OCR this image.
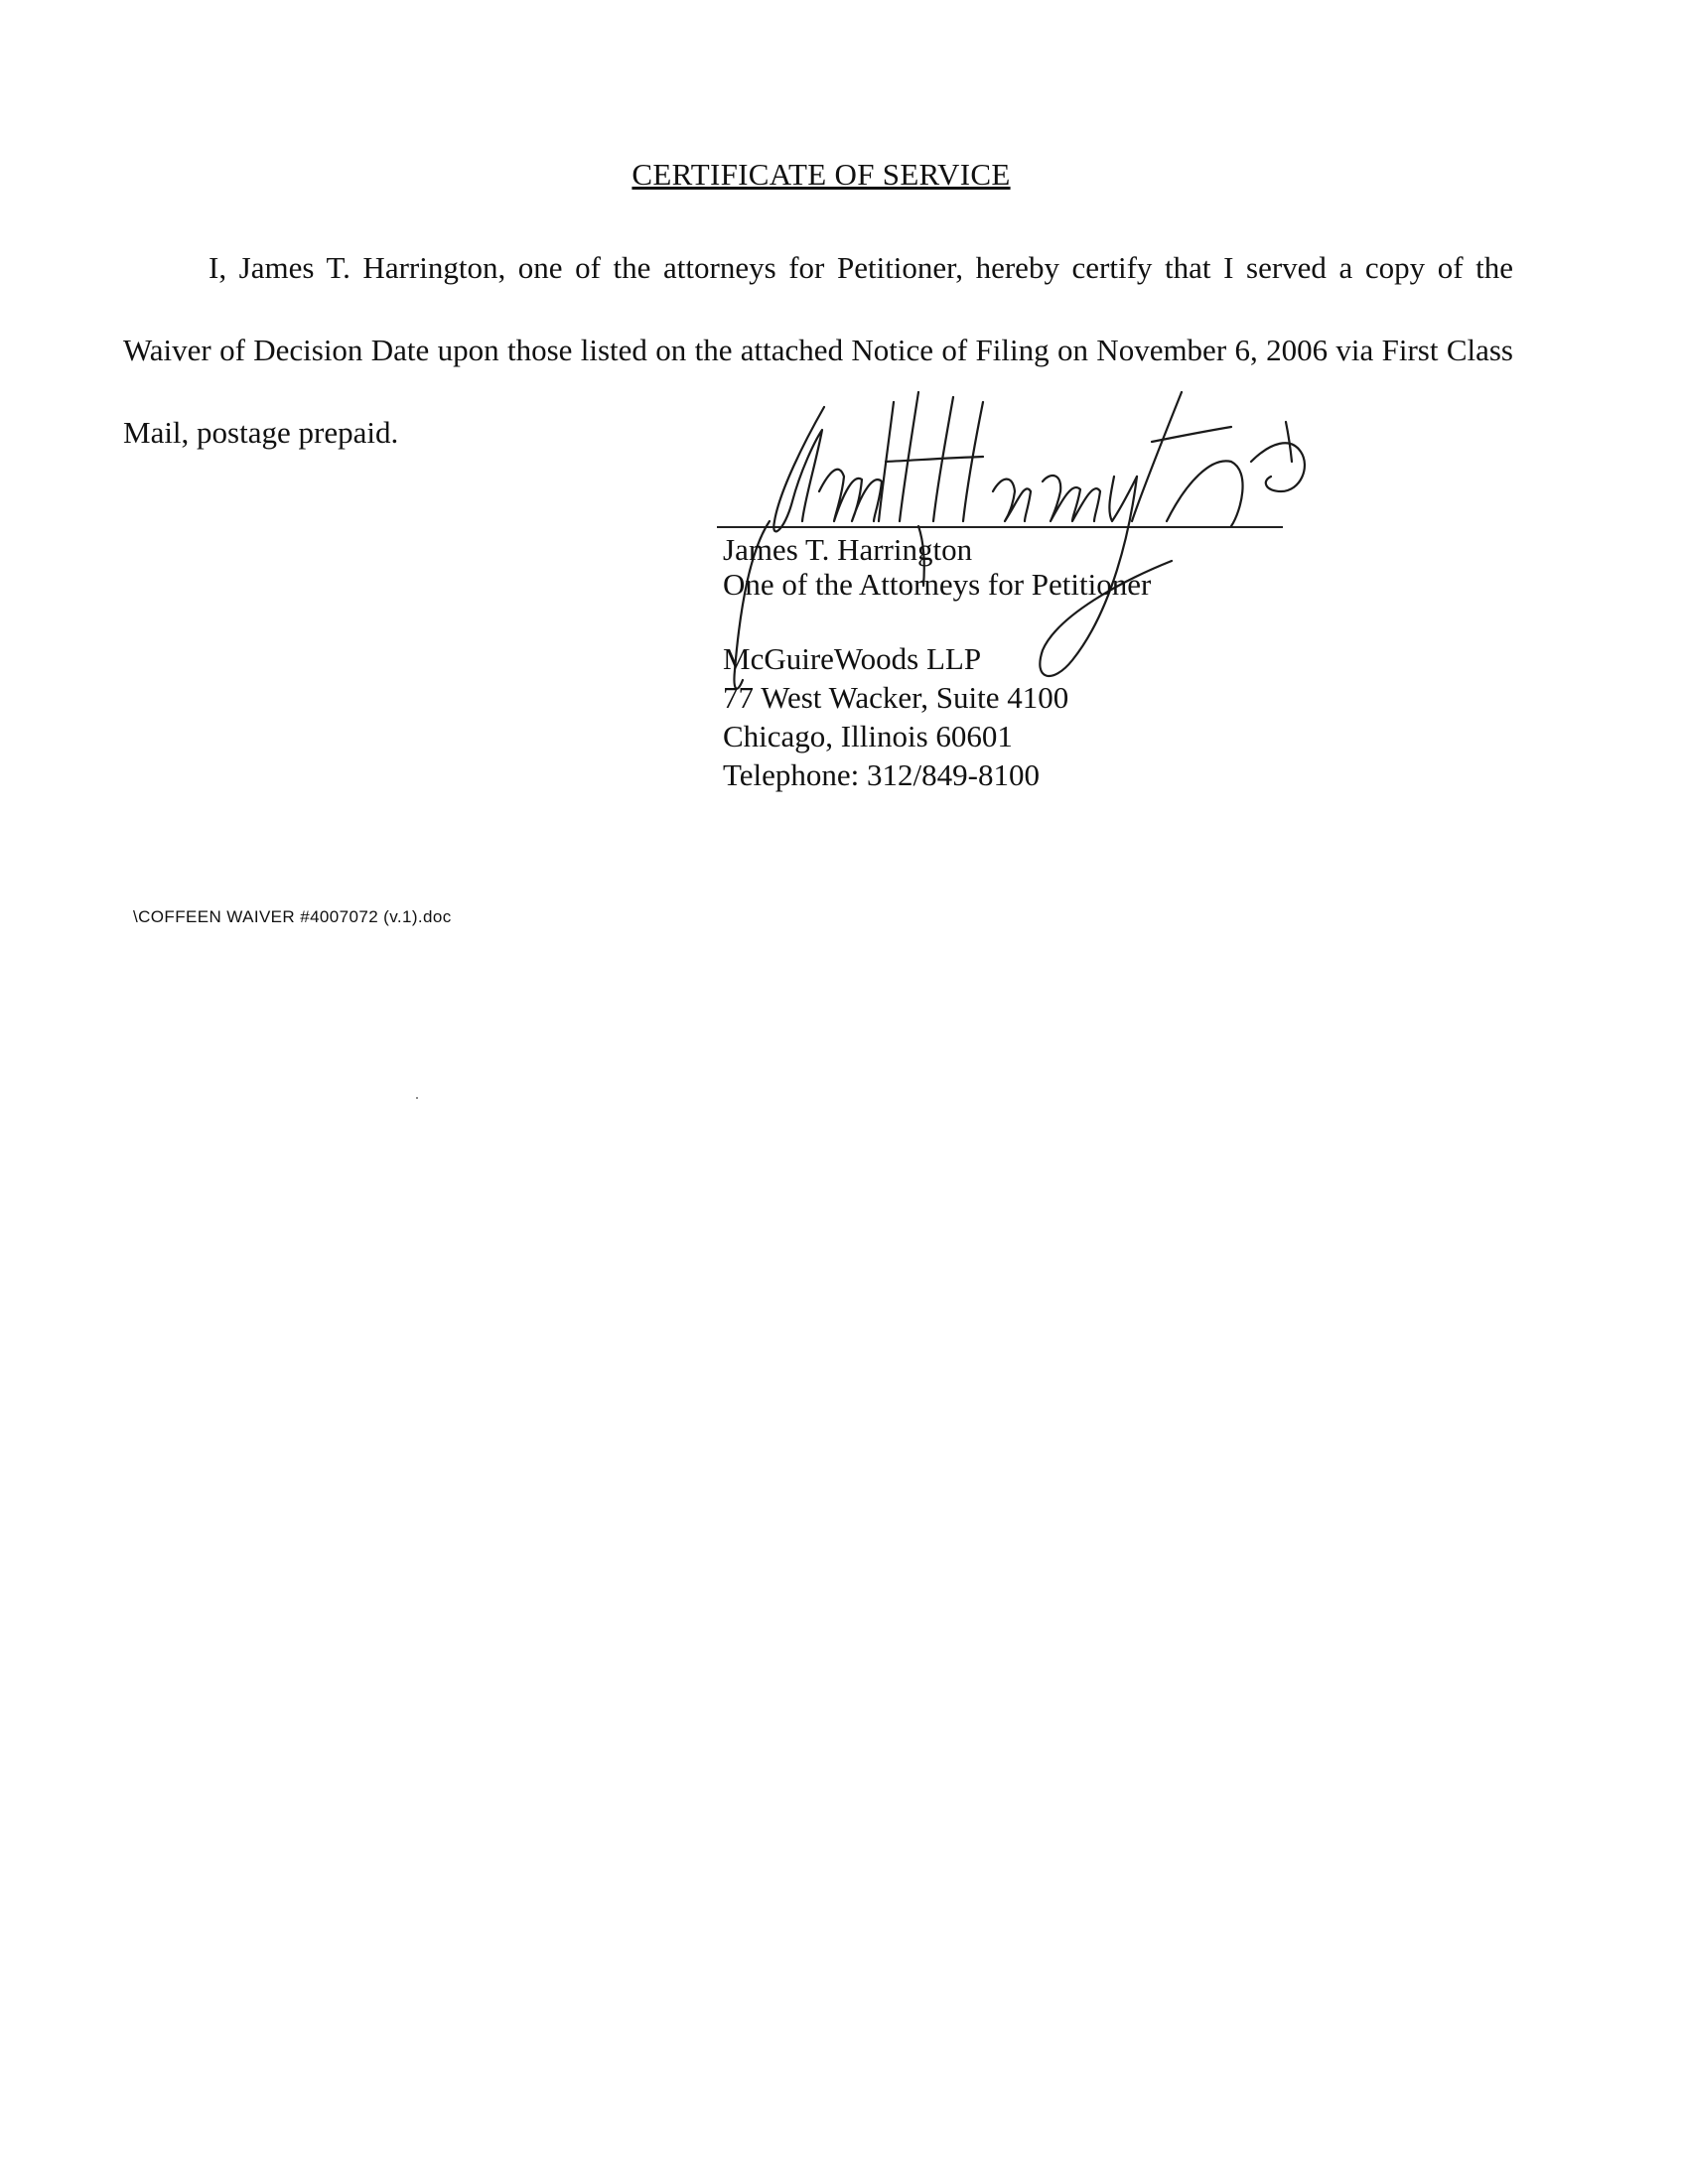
CERTIFICATE OF SERVICE

I, James T. Harrington, one of the attorneys for Petitioner, hereby certify that I served a copy of the Waiver of Decision Date upon those listed on the attached Notice of Filing on November 6, 2006 via First Class Mail, postage prepaid.

James T. Harrington
One of the Attorneys for Petitioner
McGuireWoods LLP
77 West Wacker, Suite 4100
Chicago, Illinois 60601
Telephone: 312/849-8100
\COFFEEN WAIVER #4007072 (v.1).doc
